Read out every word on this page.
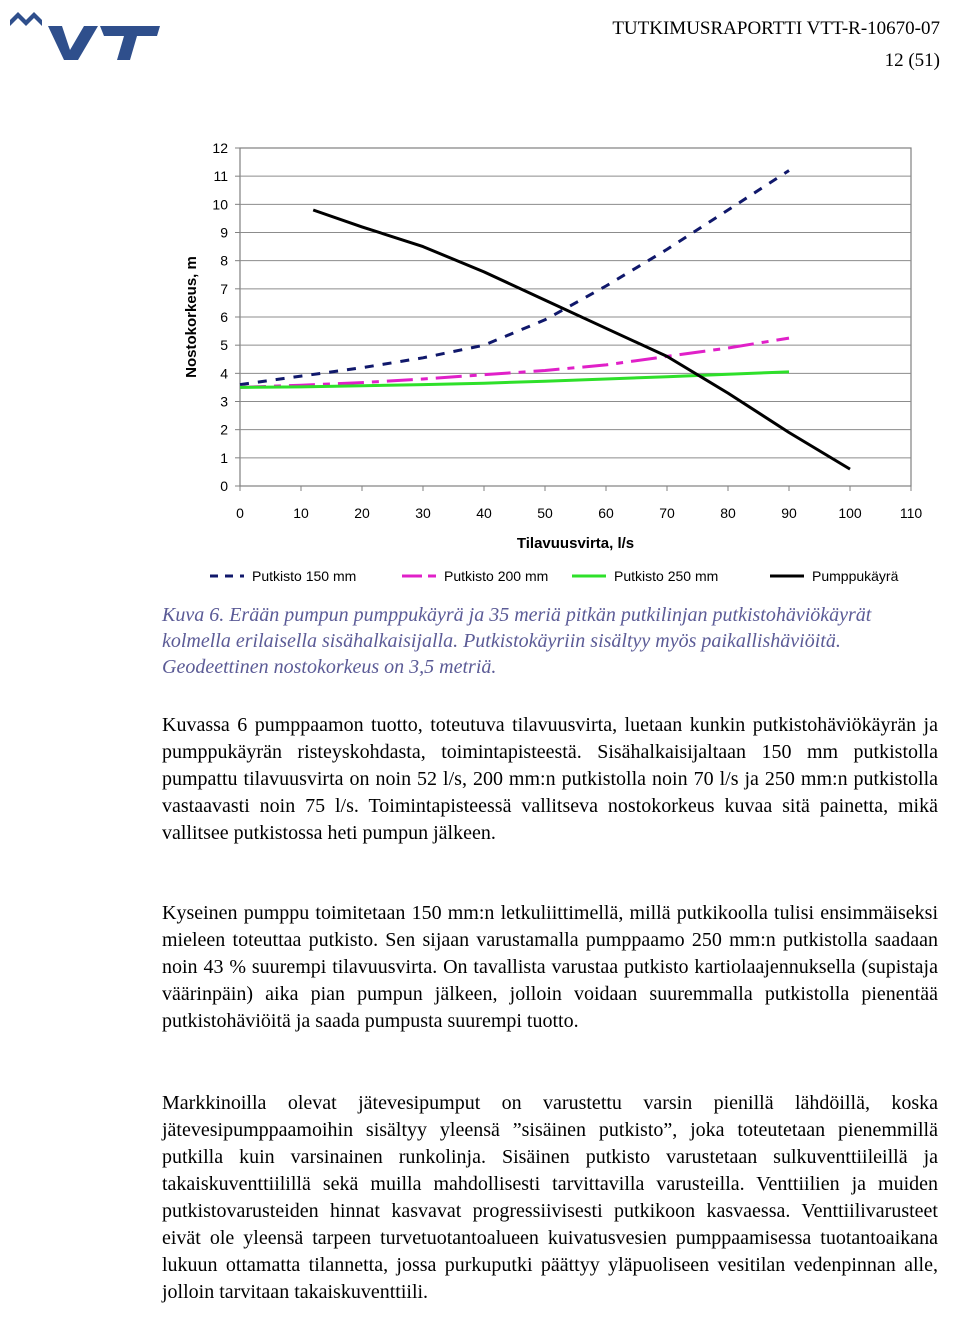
TUTKIMUSRAPORTTI VTT-R-10670-07
12 (51)
0
1
2
3
4
5
6
7
8
9
10
11
12
0	10	20	30	40	50	60	70	80	90	100	110
Tilavuusvirta, l/s
Nostokorkeus, m
Putkisto 150 mm	Putkisto 200 mm	Putkisto 250 mm	Pumppukäyrä

Kuva 6. Erään pumpun pumppukäyrä ja 35 meriä pitkän putkilinjan putkistohäviökäyrät kolmella erilaisella sisähalkaisijalla. Putkistokäyriin sisältyy myös paikallishäviöitä. Geodeettinen nostokorkeus on 3,5 metriä.

Kuvassa 6 pumppaamon tuotto, toteutuva tilavuusvirta, luetaan kunkin putkistohäviökäyrän ja pumppukäyrän risteyskohdasta, toimintapisteestä. Sisähalkaisijaltaan 150 mm putkistolla pumpattu tilavuusvirta on noin 52 l/s, 200 mm:n putkistolla noin 70 l/s ja 250 mm:n putkistolla vastaavasti noin 75 l/s. Toimintapisteessä vallitseva nostokorkeus kuvaa sitä painetta, mikä vallitsee putkistossa heti pumpun jälkeen.

Kyseinen pumppu toimitetaan 150 mm:n letkuliittimellä, millä putkikoolla tulisi ensimmäiseksi mieleen toteuttaa putkisto. Sen sijaan varustamalla pumppaamo 250 mm:n putkistolla saadaan noin 43 % suurempi tilavuusvirta. On tavallista varustaa putkisto kartiolaajennuksella (supistaja väärinpäin) aika pian pumpun jälkeen, jolloin voidaan suuremmalla putkistolla pienentää putkistohäviöitä ja saada pumpusta suurempi tuotto.

Markkinoilla olevat jätevesipumput on varustettu varsin pienillä lähdöillä, koska jätevesipumppaamoihin sisältyy yleensä ”sisäinen putkisto”, joka toteutetaan pienemmillä putkilla kuin varsinainen runkolinja. Sisäinen putkisto varustetaan sulkuventtiileillä ja takaiskuventtiilillä sekä muilla mahdollisesti tarvittavilla varusteilla. Venttiilien ja muiden putkistovarusteiden hinnat kasvavat progressiivisesti putkikoon kasvaessa. Venttiilivarusteet eivät ole yleensä tarpeen turvetuotantoalueen kuivatusvesien pumppaamisessa tuotantoaikana lukuun ottamatta tilannetta, jossa purkuputki päättyy yläpuoliseen vesitilan vedenpinnan alle, jolloin tarvitaan takaiskuventtiili.
